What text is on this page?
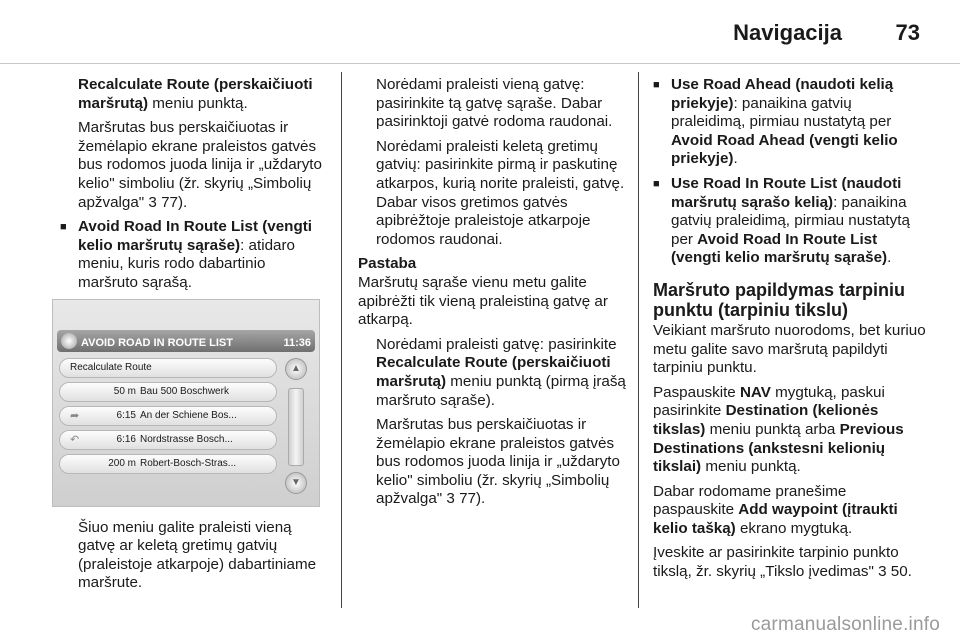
Navigacija 73

Recalculate Route (perskaičiuoti maršrutą) meniu punktą.

Maršrutas bus perskaičiuotas ir žemėlapio ekrane praleistos gatvės bus rodomos juoda linija ir „uždaryto kelio" simboliu (žr. skyrių „Simbolių apžvalga" 3 77).

■ Avoid Road In Route List (vengti kelio maršrutų sąraše): atidaro meniu, kuris rodo dabartinio maršruto sąrašą.
AVOID ROAD IN ROUTE LIST	11:36
Recalculate Route
50 m Bau 500 Boschwerk
➦	6:15 An der Schiene Bos...
↶	6:16 Nordstrasse Bosch...
200 m Robert-Bosch-Stras...
▲
▼

Šiuo meniu galite praleisti vieną gatvę ar keletą gretimų gatvių (praleistoje atkarpoje) dabartiniame maršrute.

Norėdami praleisti vieną gatvę: pasirinkite tą gatvę sąraše. Dabar pasirinktoji gatvė rodoma raudonai.

Norėdami praleisti keletą gretimų gatvių: pasirinkite pirmą ir paskutinę atkarpos, kurią norite praleisti, gatvę. Dabar visos gretimos gatvės apibrėžtoje praleistoje atkarpoje rodomos raudonai.

Pastaba

Maršrutų sąraše vienu metu galite apibrėžti tik vieną praleistiną gatvę ar atkarpą.

Norėdami praleisti gatvę: pasirinkite Recalculate Route (perskaičiuoti maršrutą) meniu punktą (pirmą įrašą maršruto sąraše).

Maršrutas bus perskaičiuotas ir žemėlapio ekrane praleistos gatvės bus rodomos juoda linija ir „uždaryto kelio" simboliu (žr. skyrių „Simbolių apžvalga" 3 77).

■ Use Road Ahead (naudoti kelią priekyje): panaikina gatvių praleidimą, pirmiau nustatytą per Avoid Road Ahead (vengti kelio priekyje).
■ Use Road In Route List (naudoti maršrutų sąrašo kelią): panaikina gatvių praleidimą, pirmiau nustatytą per Avoid Road In Route List (vengti kelio maršrutų sąraše).
Maršruto papildymas tarpiniu punktu (tarpiniu tikslu)

Veikiant maršruto nuorodoms, bet kuriuo metu galite savo maršrutą papildyti tarpiniu punktu.

Paspauskite NAV mygtuką, paskui pasirinkite Destination (kelionės tikslas) meniu punktą arba Previous Destinations (ankstesni kelionių tikslai) meniu punktą.

Dabar rodomame pranešime paspauskite Add waypoint (įtraukti kelio tašką) ekrano mygtuką.

Įveskite ar pasirinkite tarpinio punkto tikslą, žr. skyrių „Tikslo įvedimas" 3 50.

carmanualsonline.info
